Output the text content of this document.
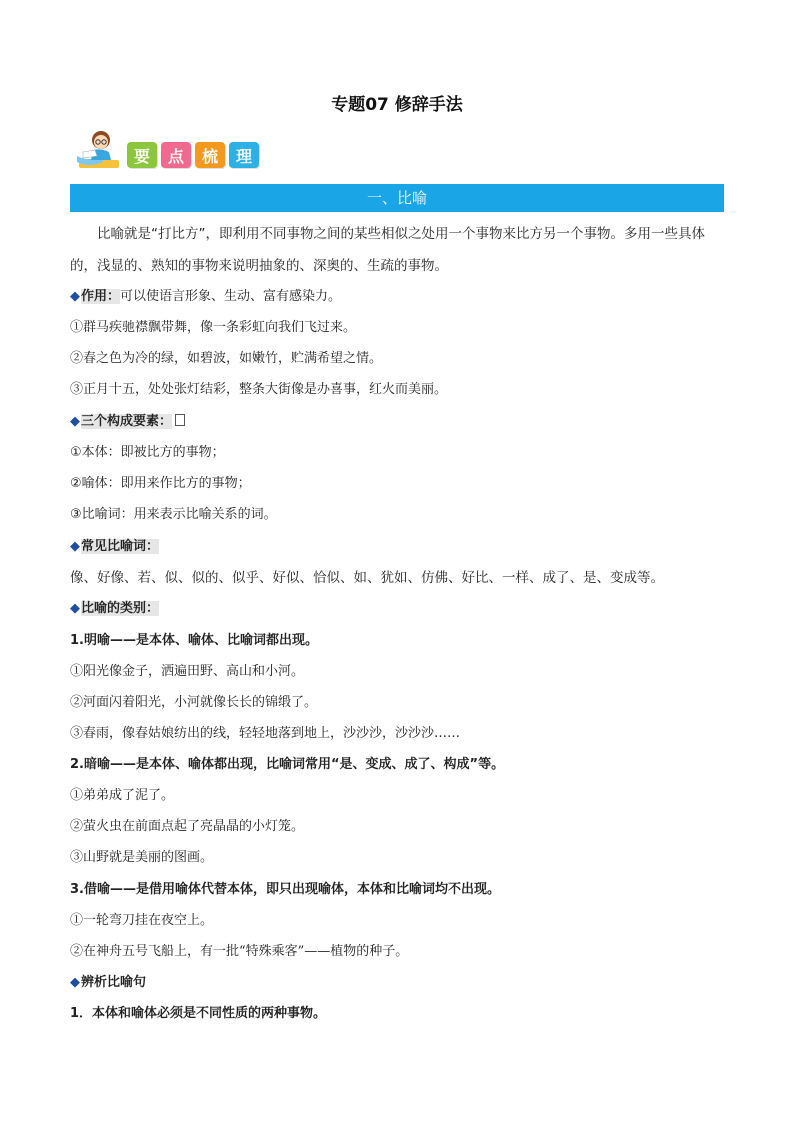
专题07 修辞手法
要	点	梳	理
一、比喻
比喻就是“打比方”，即利用不同事物之间的某些相似之处用一个事物来比方另一个事物。多用一些具体的，浅显的、熟知的事物来说明抽象的、深奥的、生疏的事物。
◆作用：可以使语言形象、生动、富有感染力。
①群马疾驰襟飘带舞，像一条彩虹向我们飞过来。
②春之色为冷的绿，如碧波，如嫩竹，贮满希望之情。
③正月十五，处处张灯结彩，整条大街像是办喜事，红火而美丽。
◆三个构成要素：
①本体：即被比方的事物；
②喻体：即用来作比方的事物；
③比喻词：用来表示比喻关系的词。
◆常见比喻词：
像、好像、若、似、似的、似乎、好似、恰似、如、犹如、仿佛、好比、一样、成了、是、变成等。
◆比喻的类别：
1.明喻——是本体、喻体、比喻词都出现。
①阳光像金子，洒遍田野、高山和小河。
②河面闪着阳光，小河就像长长的锦缎了。
③春雨，像春姑娘纺出的线，轻轻地落到地上，沙沙沙，沙沙沙……
2.暗喻——是本体、喻体都出现，比喻词常用“是、变成、成了、构成”等。
①弟弟成了泥了。
②萤火虫在前面点起了亮晶晶的小灯笼。
③山野就是美丽的图画。
3.借喻——是借用喻体代替本体，即只出现喻体，本体和比喻词均不出现。
①一轮弯刀挂在夜空上。
②在神舟五号飞船上，有一批“特殊乘客”——植物的种子。
◆辨析比喻句
1．本体和喻体必须是不同性质的两种事物。
